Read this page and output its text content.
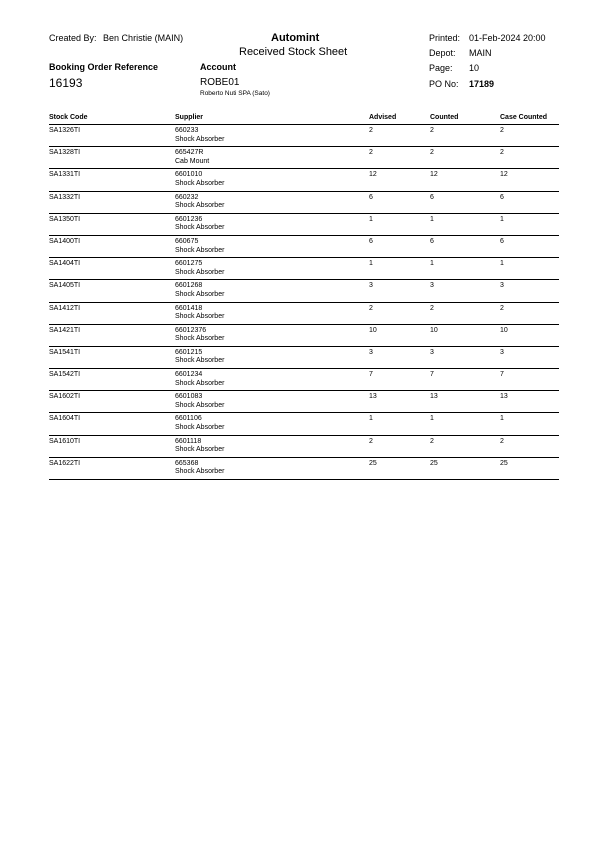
Created By: Ben Christie (MAIN)	Automint
Received Stock Sheet
Printed: 01-Feb-2024 20:00
Depot: MAIN
Page: 10
PO No: 17189
Booking Order Reference
16193
Account
ROBE01
Roberto Nuti SPA (Sato)
Stock Code	Supplier	Advised	Counted	Case Counted
SA1326TI	660233
Shock Absorber
2	2	2
SA1328TI	665427R
Cab Mount
2	2	2
SA1331TI	6601010
Shock Absorber
12	12	12
SA1332TI	660232
Shock Absorber
6	6	6
SA1350TI	6601236
Shock Absorber
1	1	1
SA1400TI	660675
Shock Absorber
6	6	6
SA1404TI	6601275
Shock Absorber
1	1	1
SA1405TI	6601268
Shock Absorber
3	3	3
SA1412TI	6601418
Shock Absorber
2	2	2
SA1421TI	66012376
Shock Absorber
10	10	10
SA1541TI	6601215
Shock Absorber
3	3	3
SA1542TI	6601234
Shock Absorber
7	7	7
SA1602TI	6601083
Shock Absorber
13	13	13
SA1604TI	6601106
Shock Absorber
1	1	1
SA1610TI	6601118
Shock Absorber
2	2	2
SA1622TI	665368
Shock Absorber
25	25	25
